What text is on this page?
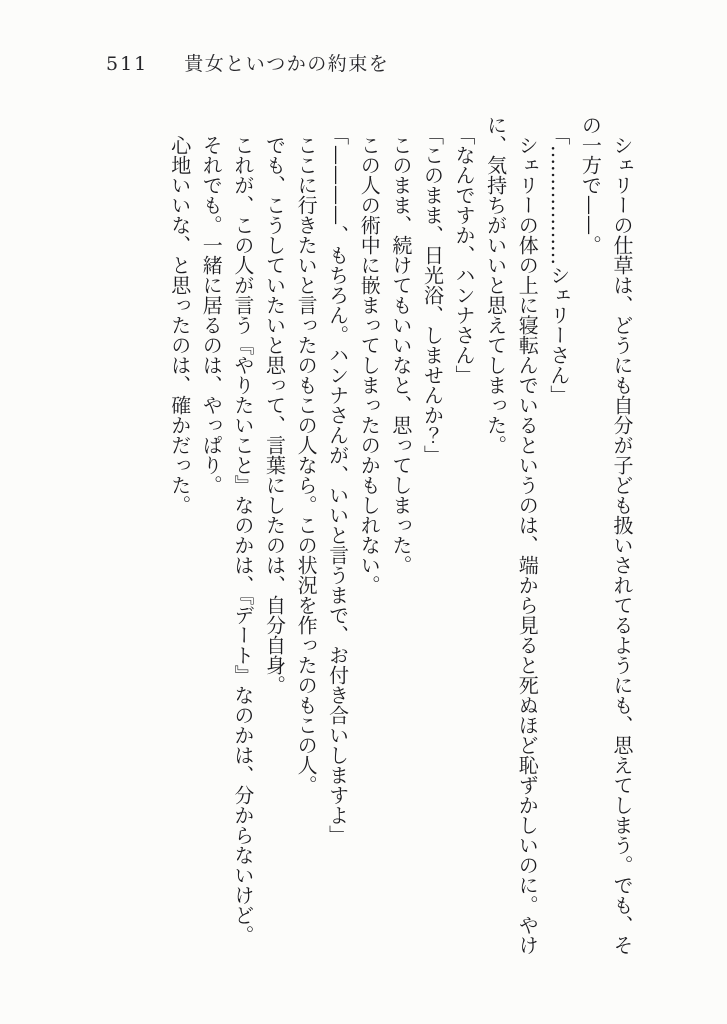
511 貴女といつかの約束を

シェリーの仕草は、どうにも自分が子ども扱いされてるようにも、思えてしまう。でも、そ

の一方で——。

「………………シェリーさん」

シェリーの体の上に寝転んでいるというのは、端から見ると死ぬほど恥ずかしいのに。やけ

に、気持ちがいいと思えてしまった。

「なんですか、ハンナさん」

「このまま、日光浴、しませんか？」

このまま、続けてもいいなと、思ってしまった。

この人の術中に嵌まってしまったのかもしれない。

「————、もちろん。ハンナさんが、いいと言うまで、お付き合いしますよ」

ここに行きたいと言ったのもこの人なら。この状況を作ったのもこの人。

でも、こうしていたいと思って、言葉にしたのは、自分自身。

これが、この人が言う『やりたいこと』なのかは、『デート』なのかは、分からないけど。

それでも。一緒に居るのは、やっぱり。

心地いいな、と思ったのは、確かだった。
